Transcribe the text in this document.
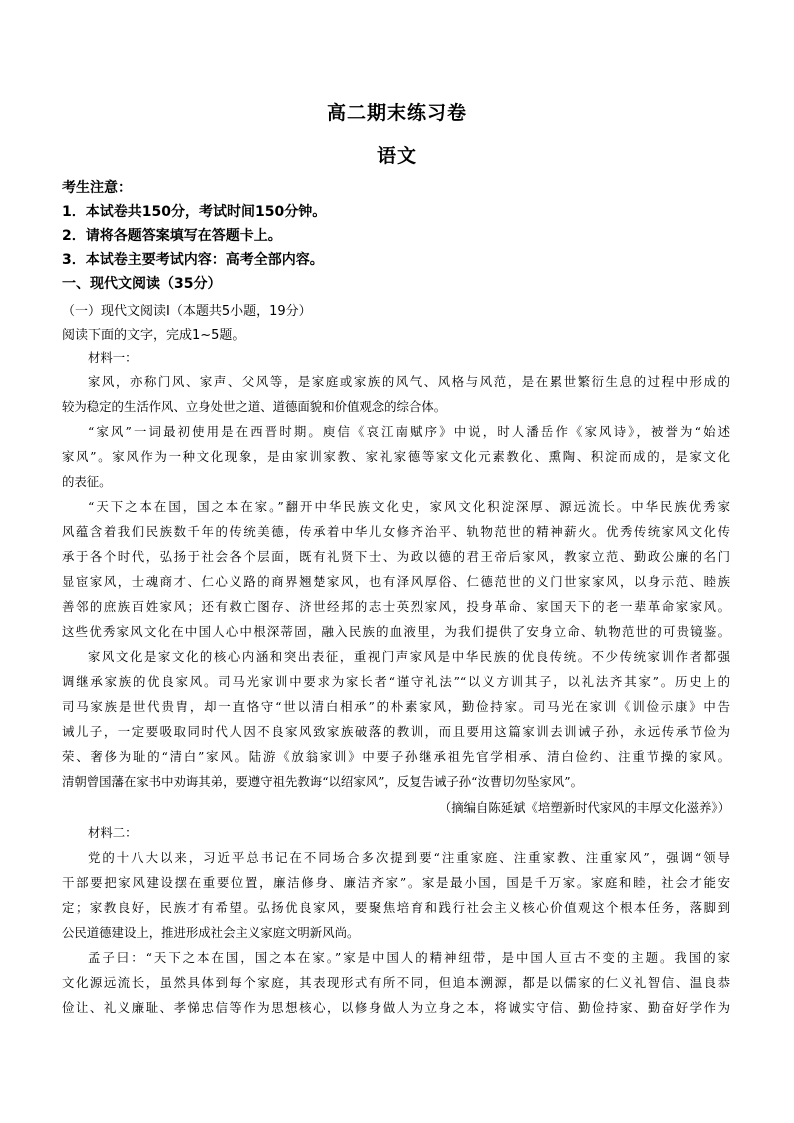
高二期末练习卷
语文
考生注意：
1．本试卷共150分，考试时间150分钟。
2．请将各题答案填写在答题卡上。
3．本试卷主要考试内容：高考全部内容。
一、现代文阅读（35分）
（一）现代文阅读Ⅰ（本题共5小题，19分）
阅读下面的文字，完成1~5题。
材料一：
家风，亦称门风、家声、父风等，是家庭或家族的风气、风格与风范，是在累世繁衍生息的过程中形成的
较为稳定的生活作风、立身处世之道、道德面貌和价值观念的综合体。
“家风”一词最初使用是在西晋时期。庾信《哀江南赋序》中说，时人潘岳作《家风诗》，被誉为“始述
家风”。家风作为一种文化现象，是由家训家教、家礼家德等家文化元素教化、熏陶、积淀而成的，是家文化
的表征。
“天下之本在国，国之本在家。”翻开中华民族文化史，家风文化积淀深厚、源远流长。中华民族优秀家
风蕴含着我们民族数千年的传统美德，传承着中华儿女修齐治平、轨物范世的精神薪火。优秀传统家风文化传
承于各个时代，弘扬于社会各个层面，既有礼贤下士、为政以德的君王帝后家风，教家立范、勤政公廉的名门
显宦家风，士魂商才、仁心义路的商界翘楚家风，也有泽风厚俗、仁德范世的义门世家家风，以身示范、睦族
善邻的庶族百姓家风；还有救亡图存、济世经邦的志士英烈家风，投身革命、家国天下的老一辈革命家家风。
这些优秀家风文化在中国人心中根深蒂固，融入民族的血液里，为我们提供了安身立命、轨物范世的可贵镜鉴。
家风文化是家文化的核心内涵和突出表征，重视门声家风是中华民族的优良传统。不少传统家训作者都强
调继承家族的优良家风。司马光家训中要求为家长者“谨守礼法”“以义方训其子，以礼法齐其家”。历史上的
司马家族是世代贵胄，却一直恪守“世以清白相承”的朴素家风，勤俭持家。司马光在家训《训俭示康》中告
诫儿子，一定要吸取同时代人因不良家风致家族破落的教训，而且要用这篇家训去训诫子孙，永远传承节俭为
荣、奢侈为耻的“清白”家风。陆游《放翁家训》中要子孙继承祖先官学相承、清白俭约、注重节操的家风。
清朝曾国藩在家书中劝诲其弟，要遵守祖先教诲“以绍家风”，反复告诫子孙“汝曹切勿坠家风”。
（摘编自陈延斌《培塑新时代家风的丰厚文化滋养》）
材料二：
党的十八大以来，习近平总书记在不同场合多次提到要“注重家庭、注重家教、注重家风”，强调“领导
干部要把家风建设摆在重要位置，廉洁修身、廉洁齐家”。家是最小国，国是千万家。家庭和睦，社会才能安
定；家教良好，民族才有希望。弘扬优良家风，要聚焦培育和践行社会主义核心价值观这个根本任务，落脚到
公民道德建设上，推进形成社会主义家庭文明新风尚。
孟子曰：“天下之本在国，国之本在家。”家是中国人的精神纽带，是中国人亘古不变的主题。我国的家
文化源远流长，虽然具体到每个家庭，其表现形式有所不同，但追本溯源，都是以儒家的仁义礼智信、温良恭
俭让、礼义廉耻、孝悌忠信等作为思想核心，以修身做人为立身之本，将诚实守信、勤俭持家、勤奋好学作为
